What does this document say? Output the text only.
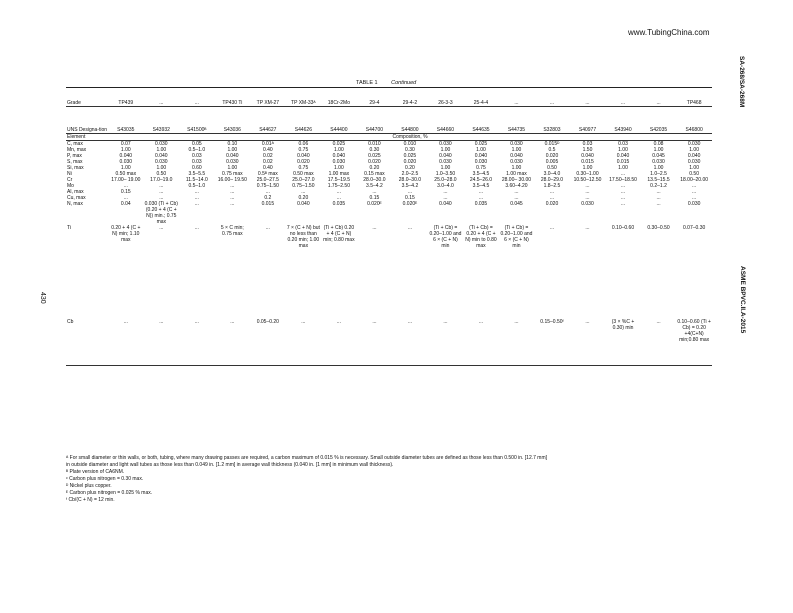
www.TubingChina.com
SA-268/SA-268M
ASME BPVC.II.A-2015
430
TABLE 1 Continued
Grade	TP439	...	...	TP430 Ti	TP XM-27	TP XM-33ᴬ	18Cr-2Mo	29-4	29-4-2	26-3-3	25-4-4	...	...	...	...	...	TP468
UNS Designa-tion	S43035	S43932	S41500ᴮ	S43036	S44627	S44626	S44400	S44700	S44800	S44660	S44635	S44735	S32803	S40977	S43940	S42035	S46800
Element	Composition, %																
C, max	0.07	0.030	0.05	0.10	0.01ᴬ	0.06	0.025	0.010	0.010	0.030	0.025	0.030	0.015ᴰ	0.03	0.03	0.08	0.030
Mn, max	1.00	1.00	0.5–1.0	1.00	0.40	0.75	1.00	0.30	0.30	1.00	1.00	1.00	0.5	1.50	1.00	1.00	1.00
P, max	0.040	0.040	0.03	0.040	0.02	0.040	0.040	0.025	0.025	0.040	0.040	0.040	0.020	0.040	0.040	0.045	0.040
S, max	0.030	0.030	0.03	0.030	0.02	0.020	0.030	0.020	0.020	0.030	0.030	0.030	0.005	0.015	0.015	0.030	0.030
Si, max	1.00	1.00	0.60	1.00	0.40	0.75	1.00	0.20	0.20	1.00	0.75	1.00	0.50	1.00	1.00	1.00	1.00
Ni	0.50 max	0.50	3.5–5.5	0.75 max	0.5ᴮ max	0.50 max	1.00 max	0.15 max	2.0–2.5	1.0–3.50	3.5–4.5	1.00 max	3.0–4.0	0.30–1.00	...	1.0–2.5	0.50
Cr	17.00– 19.00	17.0–19.0	11.5–14.0	16.00– 19.50	25.0–27.5	25.0–27.0	17.5–19.5	28.0–30.0	28.0–30.0	25.0–28.0	24.5–26.0	28.00– 30.00	28.0–29.0	10.50–12.50	17.50–18.50	13.5–15.5	18.00–20.00
Mo	...	...	0.5–1.0	...	0.75–1.50	0.75–1.50	1.75–2.50	3.5–4.2	3.5–4.2	3.0–4.0	3.5–4.5	3.60–4.20	1.8–2.5	...	...	0.2–1.2	...
Al, max	0.15	...	...	...	...	...	...	...	...	...	...	...	...	...	...	...	...
Cu, max	...	...	...	...	0.2	0.20	...	0.15	0.15	...	...	...	...	...	...	...	...
N, max	0.04	0.030 (Ti + Cb) (0.20 + 4 (C + N)) min.; 0.75 max	...	...	0.015	0.040	0.035	0.020ᴱ	0.020ᴱ	0.040	0.035	0.045	0.020	0.030	...	...	0.030
Ti	0.20 + 4 (C + N) min; 1.10 max	...	...	5 × C min; 0.75 max	...	7 × (C + N) but no less than 0.20 min; 1.00 max	(Ti + Cb) 0.20 + 4 (C + N) min; 0.80 max	...	...	(Ti + Cb) = 0.20–1.00 and 6 × (C + N) min	(Ti + Cb) = 0.20 + 4 (C + N) min to 0.80 max	(Ti + Cb) = 0.20–1.00 and 6 × (C + N) min	...	...	0.10–0.60	0.30–0.50	0.07–0.30
Cb	...	...	...	...	0.05–0.20	...	...	...	...	...	...	...	0.15–0.50ᶠ	...	(3 × %C + 0.30) min	...	0.10–0.60 (Ti + Cb) = 0.20 +4(C+N) min;0.80 max
ᴬ For small diameter or thin walls, or both, tubing, where many drawing passes are required, a carbon maximum of 0.015 % is necessary. Small outside diameter tubes are defined as those less than 0.500 in. [12.7 mm]
in outside diameter and light wall tubes as those less than 0.049 in. [1.2 mm] in average wall thickness (0.040 in. [1 mm] in minimum wall thickness).
ᴮ Plate version of CA6NM.
ᶜ Carbon plus nitrogen = 0.30 max.
ᴰ Nickel plus copper.
ᴱ Carbon plus nitrogen = 0.025 % max.
ᶠ Cb/(C + N) = 12 min.
